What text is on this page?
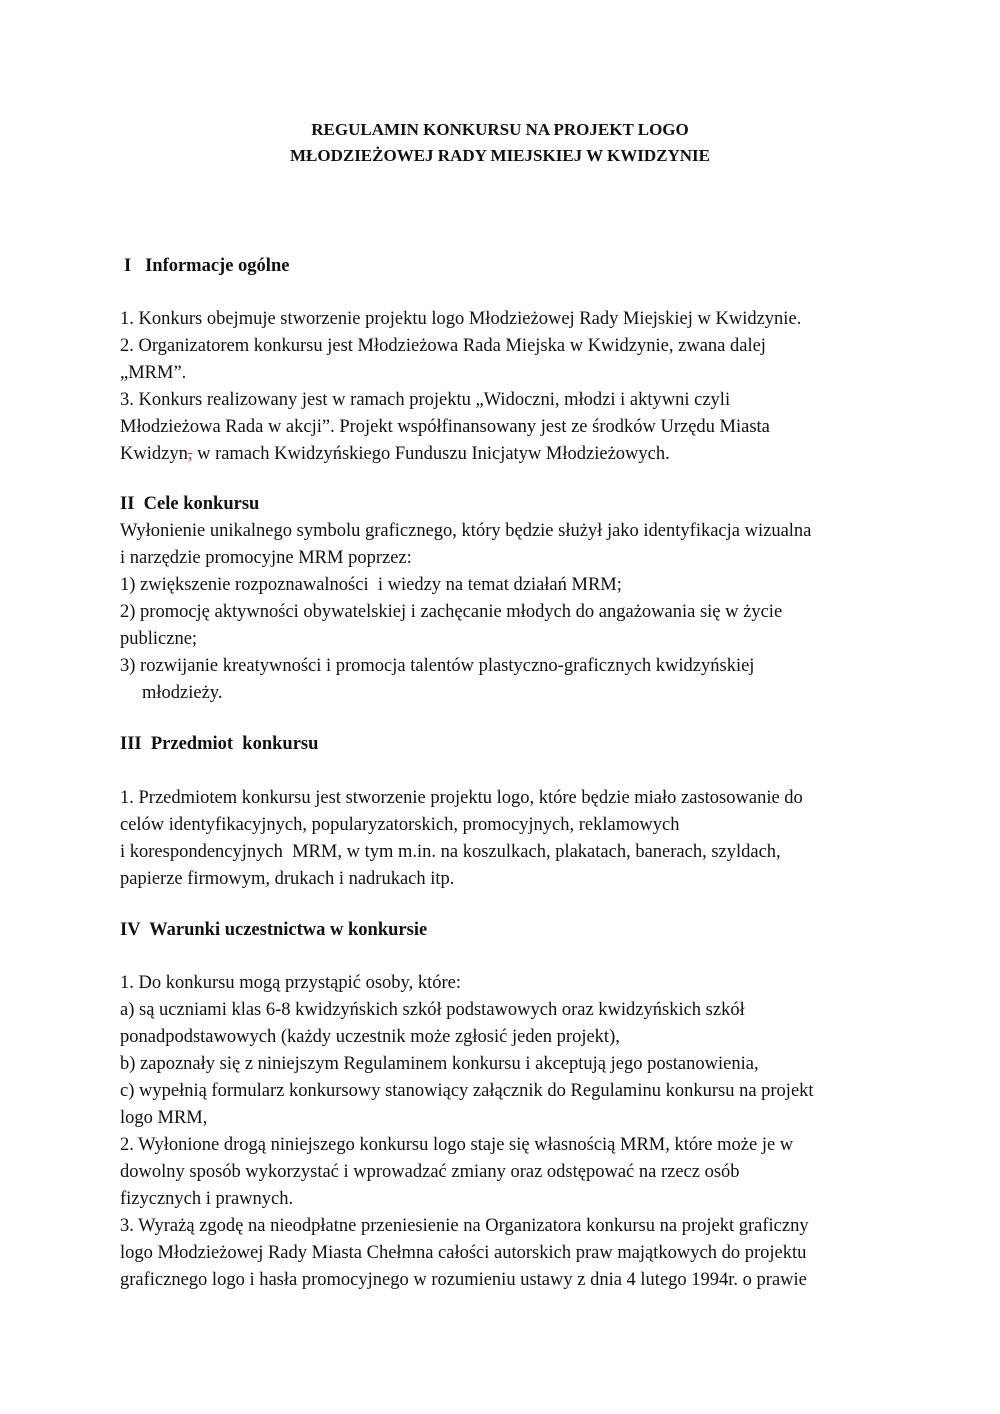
REGULAMIN KONKURSU NA PROJEKT LOGO
MŁODZIEŻOWEJ RADY MIEJSKIEJ W KWIDZYNIE
I   Informacje ogólne
1. Konkurs obejmuje stworzenie projektu logo Młodzieżowej Rady Miejskiej w Kwidzynie.
2. Organizatorem konkursu jest Młodzieżowa Rada Miejska w Kwidzynie, zwana dalej
„MRM”.
3. Konkurs realizowany jest w ramach projektu „Widoczni, młodzi i aktywni czyli
Młodzieżowa Rada w akcji”. Projekt współfinansowany jest ze środków Urzędu Miasta
Kwidzyn, w ramach Kwidzyńskiego Funduszu Inicjatyw Młodzieżowych.
II  Cele konkursu
Wyłonienie unikalnego symbolu graficznego, który będzie służył jako identyfikacja wizualna
i narzędzie promocyjne MRM poprzez:
1) zwiększenie rozpoznawalności  i wiedzy na temat działań MRM;
2) promocję aktywności obywatelskiej i zachęcanie młodych do angażowania się w życie
publiczne;
3) rozwijanie kreatywności i promocja talentów plastyczno-graficznych kwidzyńskiej
młodzieży.
III  Przedmiot  konkursu
1. Przedmiotem konkursu jest stworzenie projektu logo, które będzie miało zastosowanie do
celów identyfikacyjnych, popularyzatorskich, promocyjnych, reklamowych
i korespondencyjnych  MRM, w tym m.in. na koszulkach, plakatach, banerach, szyldach,
papierze firmowym, drukach i nadrukach itp.
IV  Warunki uczestnictwa w konkursie
1. Do konkursu mogą przystąpić osoby, które:
a) są uczniami klas 6-8 kwidzyńskich szkół podstawowych oraz kwidzyńskich szkół
ponadpodstawowych (każdy uczestnik może zgłosić jeden projekt),
b) zapoznały się z niniejszym Regulaminem konkursu i akceptują jego postanowienia,
c) wypełnią formularz konkursowy stanowiący załącznik do Regulaminu konkursu na projekt
logo MRM,
2. Wyłonione drogą niniejszego konkursu logo staje się własnością MRM, które może je w
dowolny sposób wykorzystać i wprowadzać zmiany oraz odstępować na rzecz osób
fizycznych i prawnych.
3. Wyrażą zgodę na nieodpłatne przeniesienie na Organizatora konkursu na projekt graficzny
logo Młodzieżowej Rady Miasta Chełmna całości autorskich praw majątkowych do projektu
graficznego logo i hasła promocyjnego w rozumieniu ustawy z dnia 4 lutego 1994r. o prawie
